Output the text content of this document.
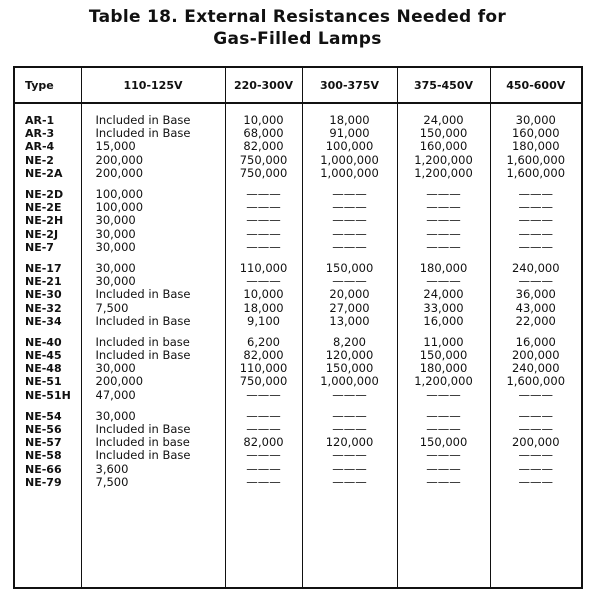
Table 18. External Resistances Needed for
Gas-Filled Lamps
Type	110-125V	220-300V	300-375V	375-450V	450-600V

AR-1	Included in Base	10,000	18,000	24,000	30,000
AR-3	Included in Base	68,000	91,000	150,000	160,000
AR-4	15,000	82,000	100,000	160,000	180,000
NE-2	200,000	750,000	1,000,000	1,200,000	1,600,000
NE-2A	200,000	750,000	1,000,000	1,200,000	1,600,000

NE-2D	100,000	———	———	———	———
NE-2E	100,000	———	———	———	———
NE-2H	30,000	———	———	———	———
NE-2J	30,000	———	———	———	———
NE-7	30,000	———	———	———	———

NE-17	30,000	110,000	150,000	180,000	240,000
NE-21	30,000	———	———	———	———
NE-30	Included in Base	10,000	20,000	24,000	36,000
NE-32	7,500	18,000	27,000	33,000	43,000
NE-34	Included in Base	9,100	13,000	16,000	22,000

NE-40	Included in base	6,200	8,200	11,000	16,000
NE-45	Included in Base	82,000	120,000	150,000	200,000
NE-48	30,000	110,000	150,000	180,000	240,000
NE-51	200,000	750,000	1,000,000	1,200,000	1,600,000
NE-51H	47,000	———	———	———	———

NE-54	30,000	———	———	———	———
NE-56	Included in Base	———	———	———	———
NE-57	Included in base	82,000	120,000	150,000	200,000
NE-58	Included in Base	———	———	———	———
NE-66	3,600	———	———	———	———
NE-79	7,500	———	———	———	———
